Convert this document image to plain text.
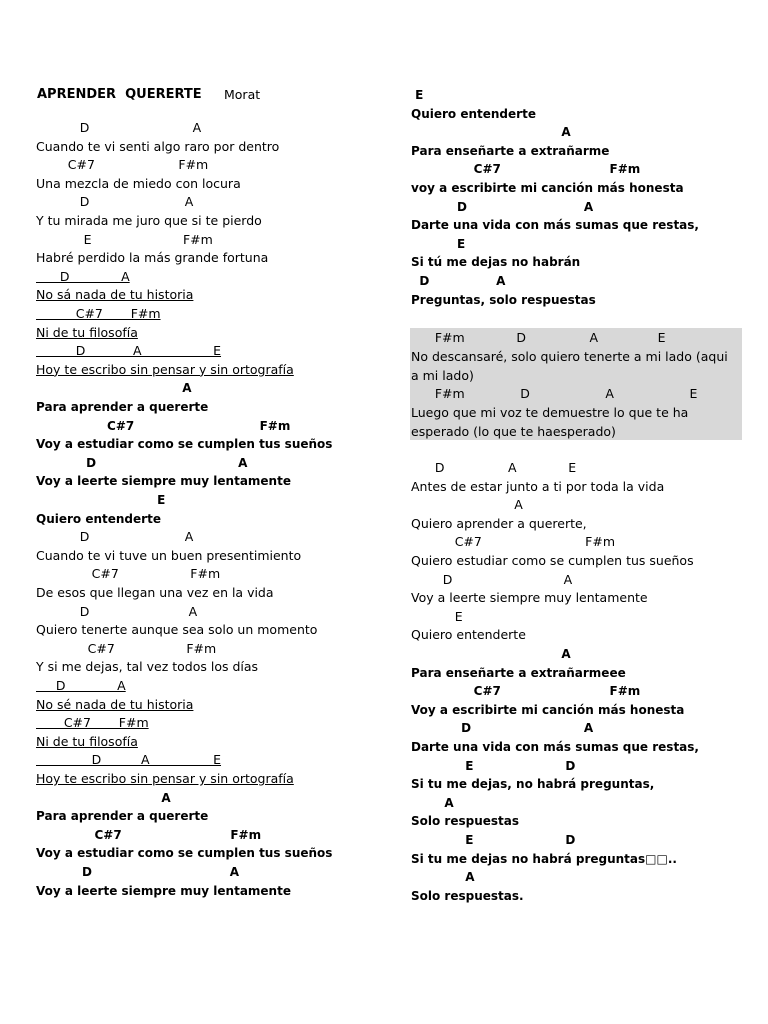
APRENDER  QUERERTE Morat
D                          A
Cuando te vi senti algo raro por dentro
C#7                     F#m
Una mezcla de miedo con locura
D                        A
Y tu mirada me juro que si te pierdo
E                       F#m
Habré perdido la más grande fortuna
D             A
No sá nada de tu historia
C#7       F#m
Ni de tu filosofía
D            A                  E
Hoy te escribo sin pensar y sin ortografía
A
Para aprender a quererte
C#7                              F#m
Voy a estudiar como se cumplen tus sueños
D                                  A
Voy a leerte siempre muy lentamente
E
Quiero entenderte
D                        A
Cuando te vi tuve un buen presentimiento
C#7                  F#m
De esos que llegan una vez en la vida
D                         A
Quiero tenerte aunque sea solo un momento
C#7                  F#m
Y si me dejas, tal vez todos los días
D             A
No sé nada de tu historia
C#7       F#m
Ni de tu filosofía
D          A                E
Hoy te escribo sin pensar y sin ortografía
A
Para aprender a quererte
C#7                          F#m
Voy a estudiar como se cumplen tus sueños
D                                 A
Voy a leerte siempre muy lentamente
E
Quiero entenderte
A
Para enseñarte a extrañarme
C#7                          F#m
voy a escribirte mi canción más honesta
D                            A
Darte una vida con más sumas que restas,
E
Si tú me dejas no habrán
D                A
Preguntas, solo respuestas
F#m             D                A               E
No descansaré, solo quiero tenerte a mi lado (aqui
a mi lado)
F#m              D                   A                   E
Luego que mi voz te demuestre lo que te ha
esperado (lo que te haesperado)
D                A             E
Antes de estar junto a ti por toda la vida
A
Quiero aprender a quererte,
C#7                          F#m
Quiero estudiar como se cumplen tus sueños
D                            A
Voy a leerte siempre muy lentamente
E
Quiero entenderte
A
Para enseñarte a extrañarmeee
C#7                          F#m
Voy a escribirte mi canción más honesta
D                           A
Darte una vida con más sumas que restas,
E                      D
Si tu me dejas, no habrá preguntas,
A
Solo respuestas
E                      D
Si tu me dejas no habrá preguntas□□..
A
Solo respuestas.
